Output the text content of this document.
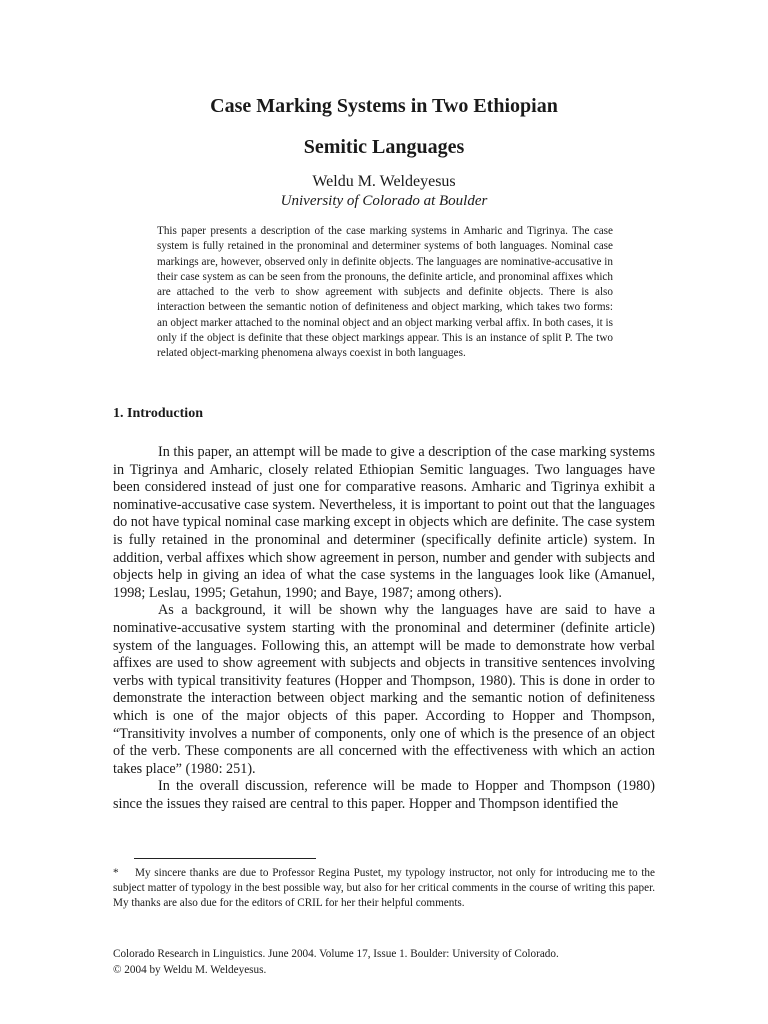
Case Marking Systems in Two Ethiopian
Semitic Languages
Weldu M. Weldeyesus
University of Colorado at Boulder

This paper presents a description of the case marking systems in Amharic and Tigrinya. The case system is fully retained in the pronominal and determiner systems of both languages. Nominal case markings are, however, observed only in definite objects. The languages are nominative-accusative in their case system as can be seen from the pronouns, the definite article, and pronominal affixes which are attached to the verb to show agreement with subjects and definite objects. There is also interaction between the semantic notion of definiteness and object marking, which takes two forms: an object marker attached to the nominal object and an object marking verbal affix. In both cases, it is only if the object is definite that these object markings appear. This is an instance of split P. The two related object-marking phenomena always coexist in both languages.

1. Introduction

In this paper, an attempt will be made to give a description of the case marking systems in Tigrinya and Amharic, closely related Ethiopian Semitic languages. Two languages have been considered instead of just one for comparative reasons. Amharic and Tigrinya exhibit a nominative-accusative case system. Nevertheless, it is important to point out that the languages do not have typical nominal case marking except in objects which are definite. The case system is fully retained in the pronominal and determiner (specifically definite article) system. In addition, verbal affixes which show agreement in person, number and gender with subjects and objects help in giving an idea of what the case systems in the languages look like (Amanuel, 1998; Leslau, 1995; Getahun, 1990; and Baye, 1987; among others).

As a background, it will be shown why the languages have are said to have a nominative-accusative system starting with the pronominal and determiner (definite article) system of the languages. Following this, an attempt will be made to demonstrate how verbal affixes are used to show agreement with subjects and objects in transitive sentences involving verbs with typical transitivity features (Hopper and Thompson, 1980). This is done in order to demonstrate the interaction between object marking and the semantic notion of definiteness which is one of the major objects of this paper. According to Hopper and Thompson, “Transitivity involves a number of components, only one of which is the presence of an object of the verb. These components are all concerned with the effectiveness with which an action takes place” (1980: 251).

In the overall discussion, reference will be made to Hopper and Thompson (1980) since the issues they raised are central to this paper. Hopper and Thompson identified the

* My sincere thanks are due to Professor Regina Pustet, my typology instructor, not only for introducing me to the subject matter of typology in the best possible way, but also for her critical comments in the course of writing this paper. My thanks are also due for the editors of CRIL for her their helpful comments.
Colorado Research in Linguistics. June 2004. Volume 17, Issue 1. Boulder: University of Colorado.
© 2004 by Weldu M. Weldeyesus.
